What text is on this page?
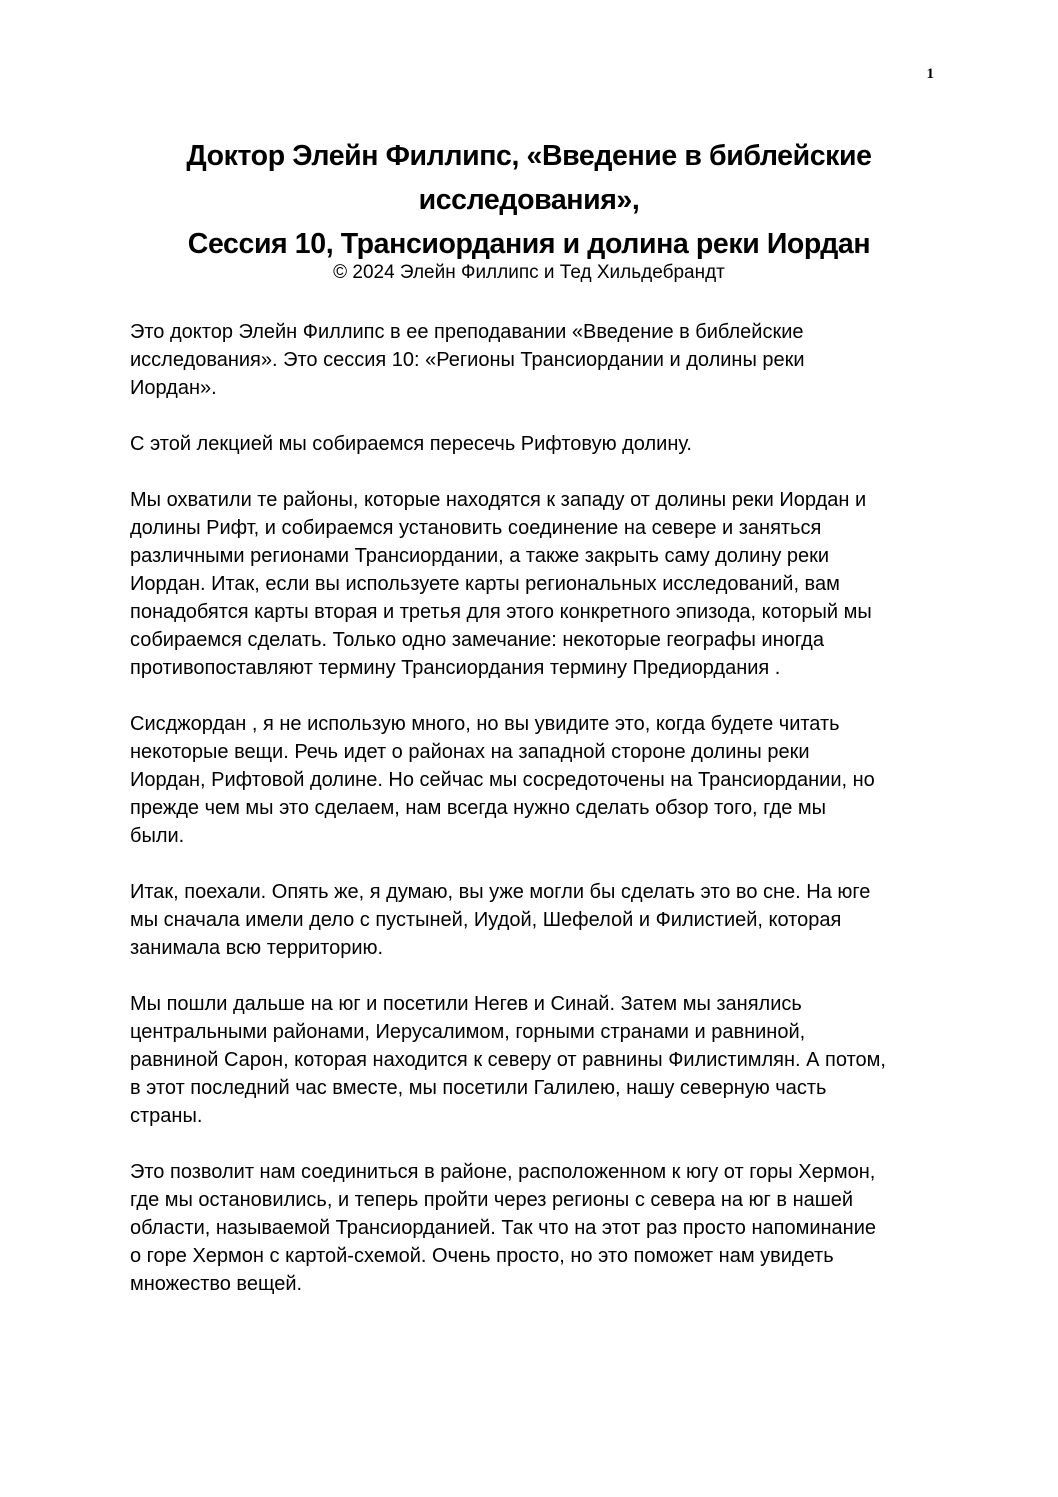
1
Доктор Элейн Филлипс, «Введение в библейские
исследования»,
Сессия 10, Трансиордания и долина реки Иордан
© 2024 Элейн Филлипс и Тед Хильдебрандт

Это доктор Элейн Филлипс в ее преподавании «Введение в библейские
исследования». Это сессия 10: «Регионы Трансиордании и долины реки
Иордан».

С этой лекцией мы собираемся пересечь Рифтовую долину.

Мы охватили те районы, которые находятся к западу от долины реки Иордан и
долины Рифт, и собираемся установить соединение на севере и заняться
различными регионами Трансиордании, а также закрыть саму долину реки
Иордан. Итак, если вы используете карты региональных исследований, вам
понадобятся карты вторая и третья для этого конкретного эпизода, который мы
собираемся сделать. Только одно замечание: некоторые географы иногда
противопоставляют термину Трансиордания термину Предиордания .

Сисджордан , я не использую много, но вы увидите это, когда будете читать
некоторые вещи. Речь идет о районах на западной стороне долины реки
Иордан, Рифтовой долине. Но сейчас мы сосредоточены на Трансиордании, но
прежде чем мы это сделаем, нам всегда нужно сделать обзор того, где мы
были.

Итак, поехали. Опять же, я думаю, вы уже могли бы сделать это во сне. На юге
мы сначала имели дело с пустыней, Иудой, Шефелой и Филистией, которая
занимала всю территорию.

Мы пошли дальше на юг и посетили Негев и Синай. Затем мы занялись
центральными районами, Иерусалимом, горными странами и равниной,
равниной Сарон, которая находится к северу от равнины Филистимлян. А потом,
в этот последний час вместе, мы посетили Галилею, нашу северную часть
страны.

Это позволит нам соединиться в районе, расположенном к югу от горы Хермон,
где мы остановились, и теперь пройти через регионы с севера на юг в нашей
области, называемой Трансиорданией. Так что на этот раз просто напоминание
о горе Хермон с картой-схемой. Очень просто, но это поможет нам увидеть
множество вещей.
